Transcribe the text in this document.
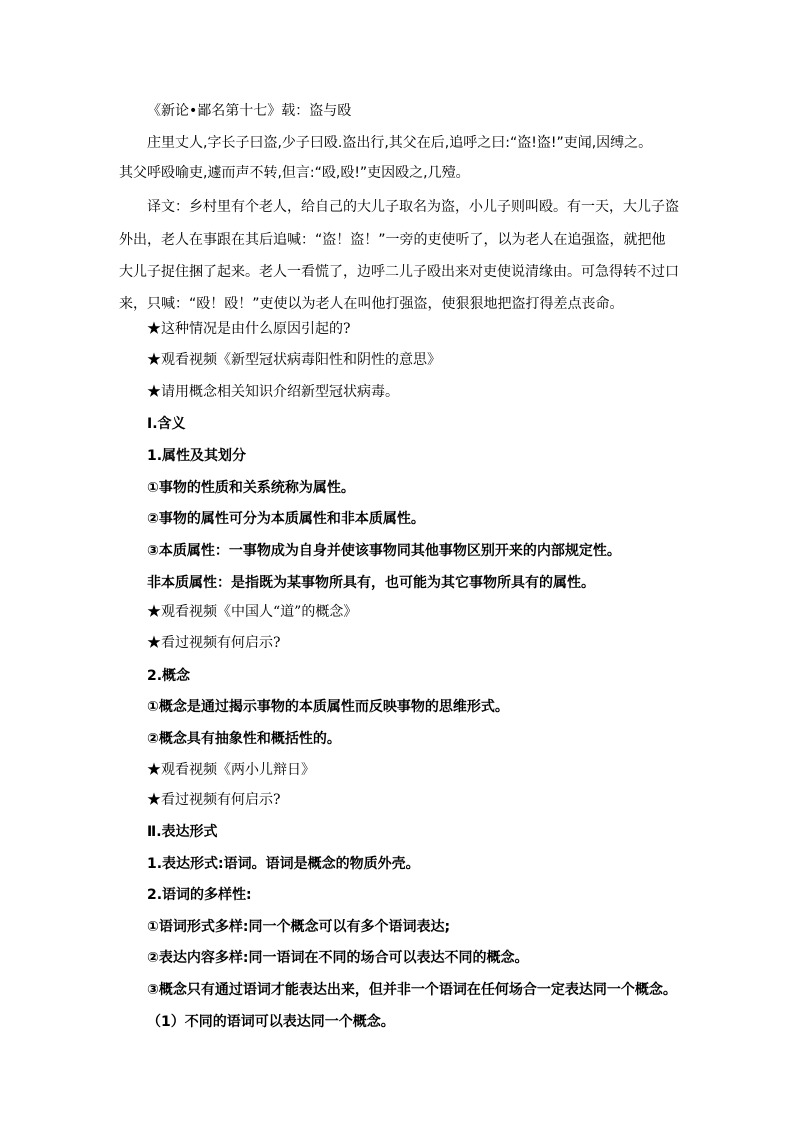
《新论•鄙名第十七》载：盗与殴
庄里丈人,字长子曰盗,少子曰殴.盗出行,其父在后,追呼之曰:“盗!盗!”吏闻,因缚之。
其父呼殴喻吏,遽而声不转,但言:“殴,殴!”吏因殴之,几殪。
译文：乡村里有个老人，给自己的大儿子取名为盗，小儿子则叫殴。有一天，大儿子盗
外出，老人在事跟在其后追喊：“盗！盗！”一旁的吏使听了，以为老人在追强盗，就把他
大儿子捉住捆了起来。老人一看慌了，边呼二儿子殴出来对吏使说清缘由。可急得转不过口
来，只喊：“殴！殴！”吏使以为老人在叫他打强盗，使狠狠地把盗打得差点丧命。
★这种情况是由什么原因引起的?
★观看视频《新型冠状病毒阳性和阴性的意思》
★请用概念相关知识介绍新型冠状病毒。
Ⅰ.含义
1.属性及其划分
①事物的性质和关系统称为属性。
②事物的属性可分为本质属性和非本质属性。
③本质属性：一事物成为自身并使该事物同其他事物区别开来的内部规定性。
非本质属性：是指既为某事物所具有，也可能为其它事物所具有的属性。
★观看视频《中国人“道”的概念》
★看过视频有何启示?
2.概念
①概念是通过揭示事物的本质属性而反映事物的思维形式。
②概念具有抽象性和概括性的。
★观看视频《两小儿辩日》
★看过视频有何启示?
Ⅱ.表达形式
1.表达形式:语词。语词是概念的物质外壳。
2.语词的多样性:
①语词形式多样:同一个概念可以有多个语词表达;
②表达内容多样:同一语词在不同的场合可以表达不同的概念。
③概念只有通过语词才能表达出来，但并非一个语词在任何场合一定表达同一个概念。
（1）不同的语词可以表达同一个概念。
